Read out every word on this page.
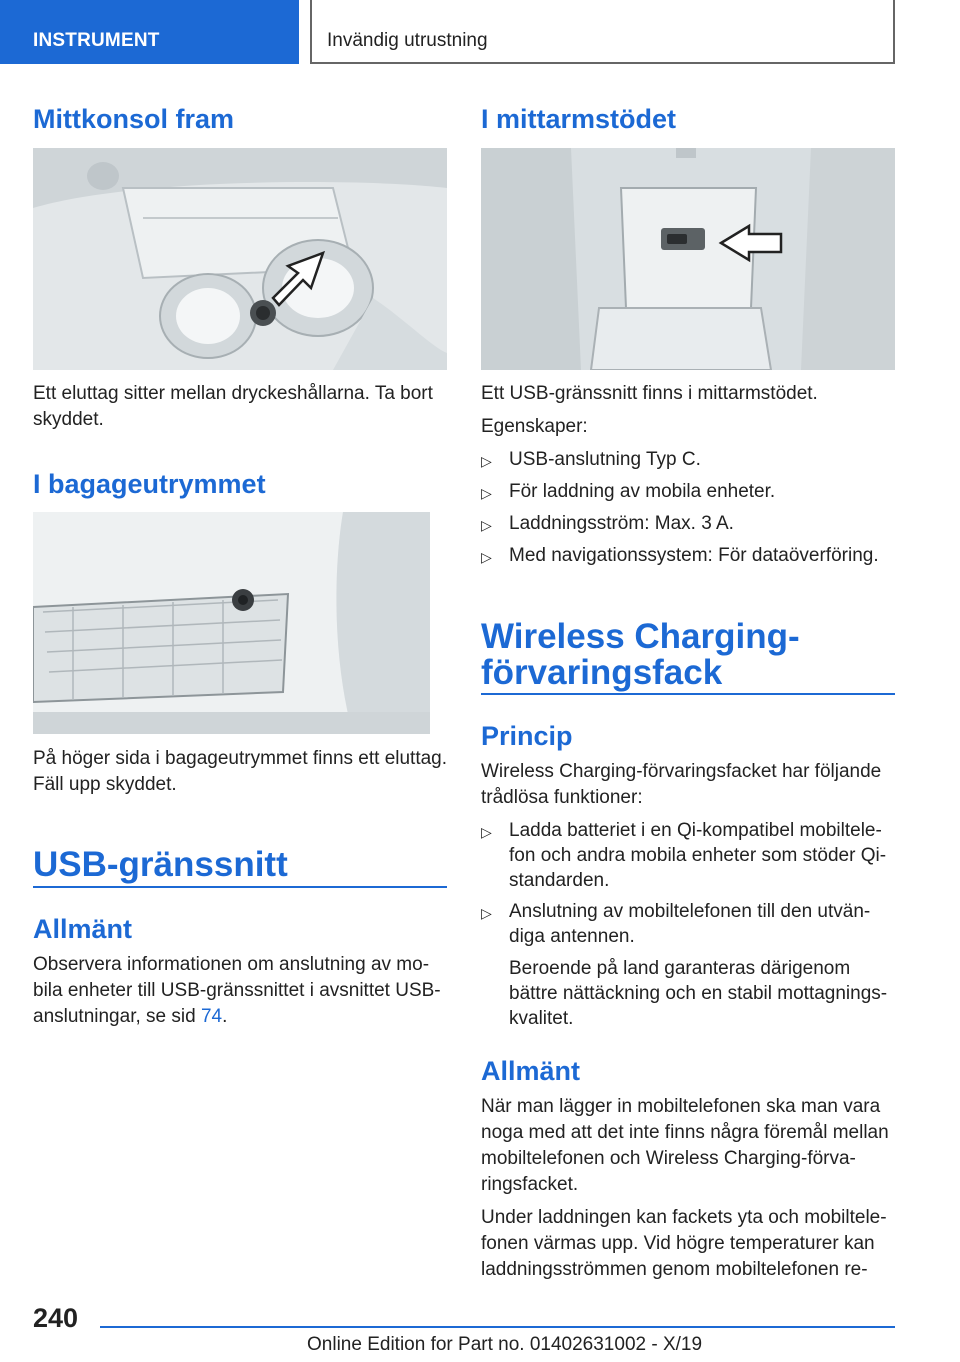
INSTRUMENT	Invändig utrustning
Mittkonsol fram
Ett eluttag sitter mellan dryckeshållarna. Ta bort
skyddet.
I bagageutrymmet
På höger sida i bagageutrymmet finns ett eluttag.
Fäll upp skyddet.
USB-gränssnitt
Allmänt
Observera informationen om anslutning av mo-
bila enheter till USB-gränssnittet i avsnittet USB-
anslutningar, se sid 74.
I mittarmstödet
Ett USB-gränssnitt finns i mittarmstödet.
Egenskaper:
▷ USB-anslutning Typ C.
▷ För laddning av mobila enheter.
▷ Laddningsström: Max. 3 A.
▷ Med navigationssystem: För dataöverföring.
Wireless Charging-
förvaringsfack
Princip
Wireless Charging-förvaringsfacket har följande
trådlösa funktioner:
▷ Ladda batteriet i en Qi-kompatibel mobiltele-
fon och andra mobila enheter som stöder Qi-
standarden.
▷ Anslutning av mobiltelefonen till den utvän-
diga antennen.
Beroende på land garanteras därigenom
bättre nättäckning och en stabil mottagnings-
kvalitet.
Allmänt
När man lägger in mobiltelefonen ska man vara
noga med att det inte finns några föremål mellan
mobiltelefonen och Wireless Charging-förva-
ringsfacket.
Under laddningen kan fackets yta och mobiltele-
fonen värmas upp. Vid högre temperaturer kan
laddningsströmmen genom mobiltelefonen re-
240
Online Edition for Part no. 01402631002 - X/19
